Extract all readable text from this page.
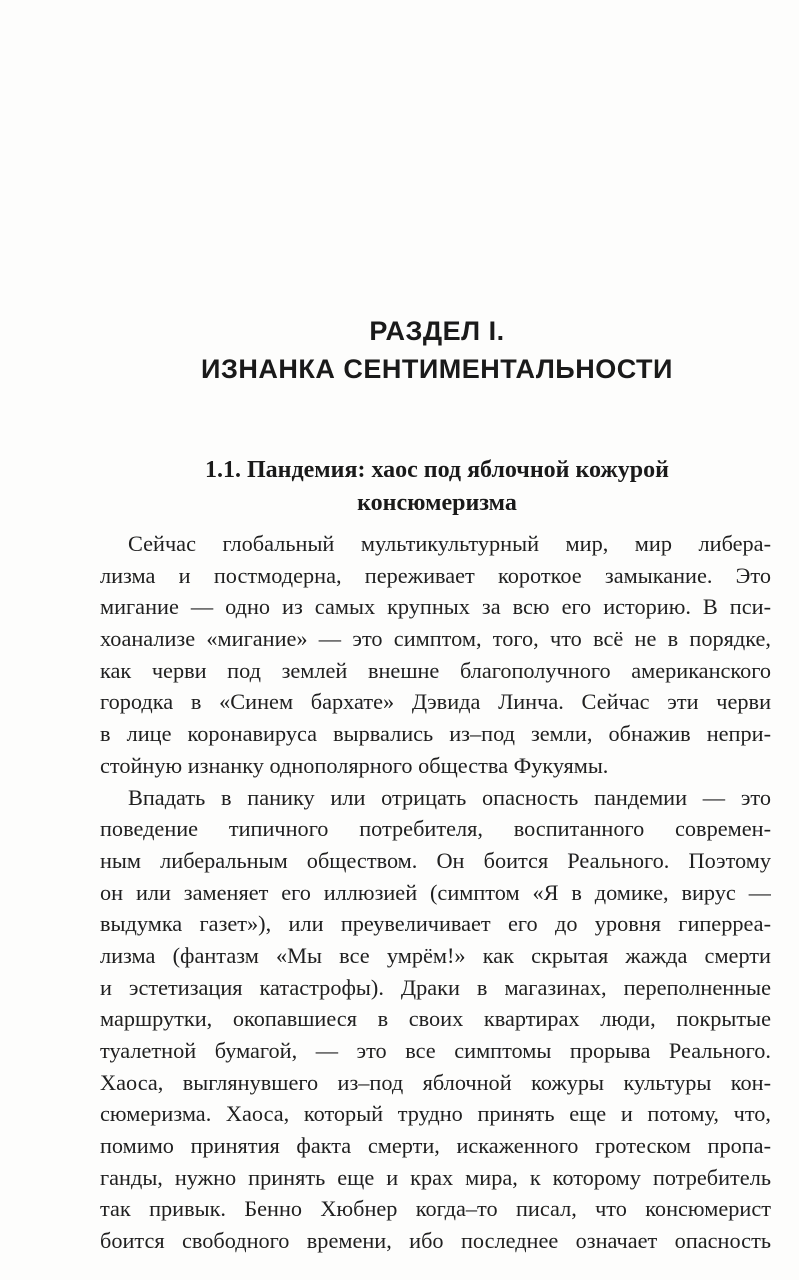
РАЗДЕЛ I.
ИЗНАНКА СЕНТИМЕНТАЛЬНОСТИ
1.1. Пандемия: хаос под яблочной кожурой
консюмеризма
Сейчас глобальный мультикультурный мир, мир либера-
лизма и постмодерна, переживает короткое замыкание. Это
мигание — одно из самых крупных за всю его историю. В пси-
хоанализе «мигание» — это симптом, того, что всё не в порядке,
как черви под землей внешне благополучного американского
городка в «Синем бархате» Дэвида Линча. Сейчас эти черви
в лице коронавируса вырвались из–под земли, обнажив непри-
стойную изнанку однополярного общества Фукуямы.
Впадать в панику или отрицать опасность пандемии — это
поведение типичного потребителя, воспитанного современ-
ным либеральным обществом. Он боится Реального. Поэтому
он или заменяет его иллюзией (симптом «Я в домике, вирус —
выдумка газет»), или преувеличивает его до уровня гиперреа-
лизма (фантазм «Мы все умрём!» как скрытая жажда смерти
и эстетизация катастрофы). Драки в магазинах, переполненные
маршрутки, окопавшиеся в своих квартирах люди, покрытые
туалетной бумагой, — это все симптомы прорыва Реального.
Хаоса, выглянувшего из–под яблочной кожуры культуры кон-
сюмеризма. Хаоса, который трудно принять еще и потому, что,
помимо принятия факта смерти, искаженного гротеском пропа-
ганды, нужно принять еще и крах мира, к которому потребитель
так привык. Бенно Хюбнер когда–то писал, что консюмерист
боится свободного времени, ибо последнее означает опасность
